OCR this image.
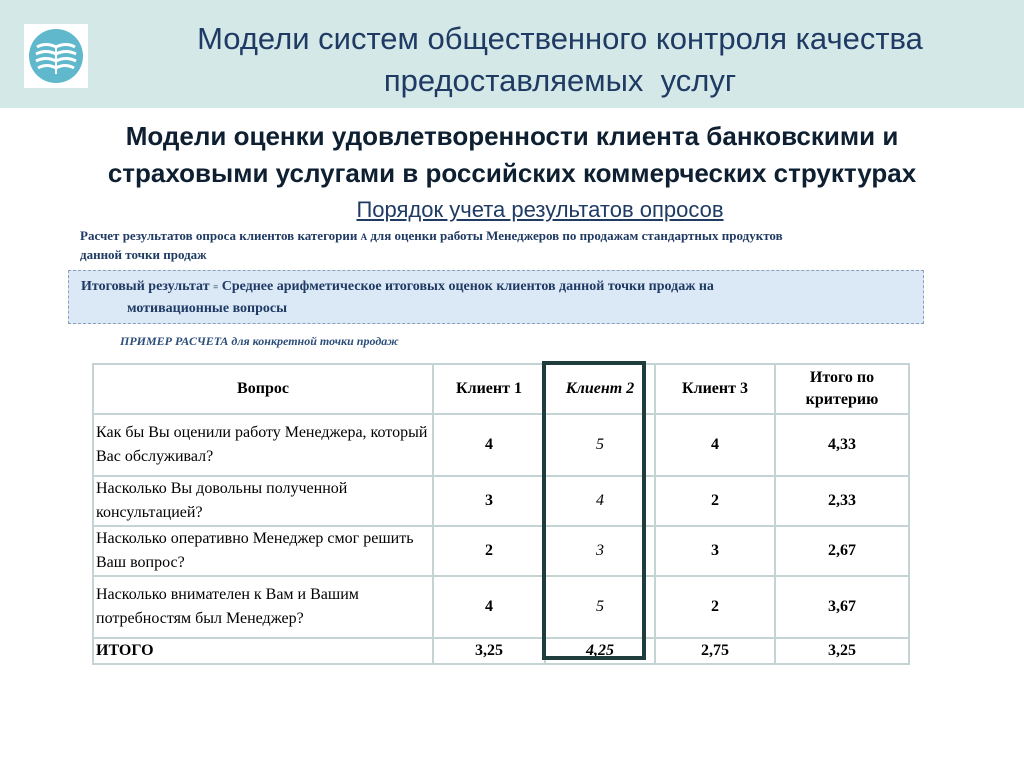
Модели систем общественного контроля качества
предоставляемых  услуг
Модели оценки удовлетворенности клиента банковскими и
страховыми услугами в российских коммерческих структурах
Порядок учета результатов опросов
Расчет результатов опроса клиентов категории А для оценки работы Менеджеров по продажам стандартных продуктов
данной точки продаж
Итоговый результат = Среднее арифметическое итоговых оценок клиентов данной точки продаж на
мотивационные вопросы
ПРИМЕР РАСЧЕТА для конкретной точки продаж
Вопрос	Клиент 1	Клиент 2	Клиент 3	Итого по критерию
Как бы Вы оценили работу Менеджера, который Вас обслуживал?	4	5	4	4,33
Насколько Вы довольны полученной консультацией?	3	4	2	2,33
Насколько оперативно Менеджер смог решить Ваш вопрос?	2	3	3	2,67
Насколько внимателен к Вам и Вашим потребностям был Менеджер?	4	5	2	3,67
ИТОГО	3,25	4,25	2,75	3,25
